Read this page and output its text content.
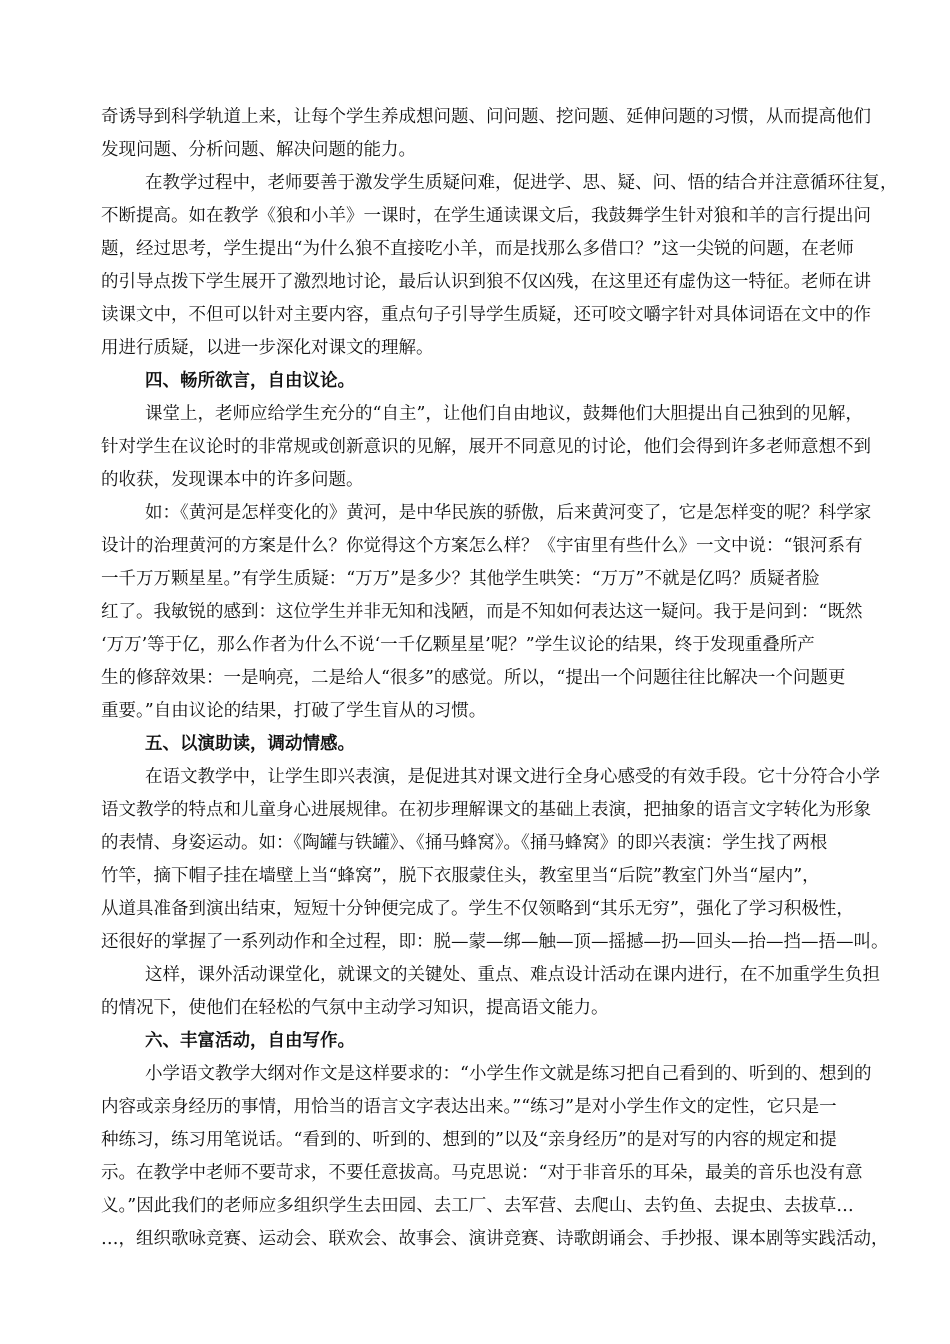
奇诱导到科学轨道上来，让每个学生养成想问题、问问题、挖问题、延伸问题的习惯，从而提高他们
发现问题、分析问题、解决问题的能力。
在教学过程中，老师要善于激发学生质疑问难，促进学、思、疑、问、悟的结合并注意循环往复，
不断提高。如在教学《狼和小羊》一课时，在学生通读课文后，我鼓舞学生针对狼和羊的言行提出问
题，经过思考，学生提出“为什么狼不直接吃小羊，而是找那么多借口？”这一尖锐的问题，在老师
的引导点拨下学生展开了激烈地讨论，最后认识到狼不仅凶残，在这里还有虚伪这一特征。老师在讲
读课文中，不但可以针对主要内容，重点句子引导学生质疑，还可咬文嚼字针对具体词语在文中的作
用进行质疑，以进一步深化对课文的理解。
四、畅所欲言，自由议论。
课堂上，老师应给学生充分的“自主”，让他们自由地议，鼓舞他们大胆提出自己独到的见解，
针对学生在议论时的非常规或创新意识的见解，展开不同意见的讨论，他们会得到许多老师意想不到
的收获，发现课本中的许多问题。
如：《黄河是怎样变化的》黄河，是中华民族的骄傲，后来黄河变了，它是怎样变的呢？科学家
设计的治理黄河的方案是什么？你觉得这个方案怎么样？《宇宙里有些什么》一文中说：“银河系有
一千万万颗星星。”有学生质疑：“万万”是多少？其他学生哄笑：“万万”不就是亿吗？质疑者脸
红了。我敏锐的感到：这位学生并非无知和浅陋，而是不知如何表达这一疑问。我于是问到：“既然
‘万万’等于亿，那么作者为什么不说‘一千亿颗星星’呢？”学生议论的结果，终于发现重叠所产
生的修辞效果：一是响亮，二是给人“很多”的感觉。所以，“提出一个问题往往比解决一个问题更
重要。”自由议论的结果，打破了学生盲从的习惯。
五、以演助读，调动情感。
在语文教学中，让学生即兴表演，是促进其对课文进行全身心感受的有效手段。它十分符合小学
语文教学的特点和儿童身心进展规律。在初步理解课文的基础上表演，把抽象的语言文字转化为形象
的表情、身姿运动。如：《陶罐与铁罐》、《捅马蜂窝》。《捅马蜂窝》的即兴表演：学生找了两根
竹竿，摘下帽子挂在墙壁上当“蜂窝”，脱下衣服蒙住头，教室里当“后院”教室门外当“屋内”，
从道具准备到演出结束，短短十分钟便完成了。学生不仅领略到“其乐无穷”，强化了学习积极性，
还很好的掌握了一系列动作和全过程，即：脱—蒙—绑—触—顶—摇撼—扔—回头—抬—挡—捂—叫。
这样，课外活动课堂化，就课文的关键处、重点、难点设计活动在课内进行，在不加重学生负担
的情况下，使他们在轻松的气氛中主动学习知识，提高语文能力。
六、丰富活动，自由写作。
小学语文教学大纲对作文是这样要求的：“小学生作文就是练习把自己看到的、听到的、想到的
内容或亲身经历的事情，用恰当的语言文字表达出来。”“练习”是对小学生作文的定性，它只是一
种练习，练习用笔说话。“看到的、听到的、想到的”以及“亲身经历”的是对写的内容的规定和提
示。在教学中老师不要苛求，不要任意拔高。马克思说：“对于非音乐的耳朵，最美的音乐也没有意
义。”因此我们的老师应多组织学生去田园、去工厂、去军营、去爬山、去钓鱼、去捉虫、去拔草…
…，组织歌咏竞赛、运动会、联欢会、故事会、演讲竞赛、诗歌朗诵会、手抄报、课本剧等实践活动，
